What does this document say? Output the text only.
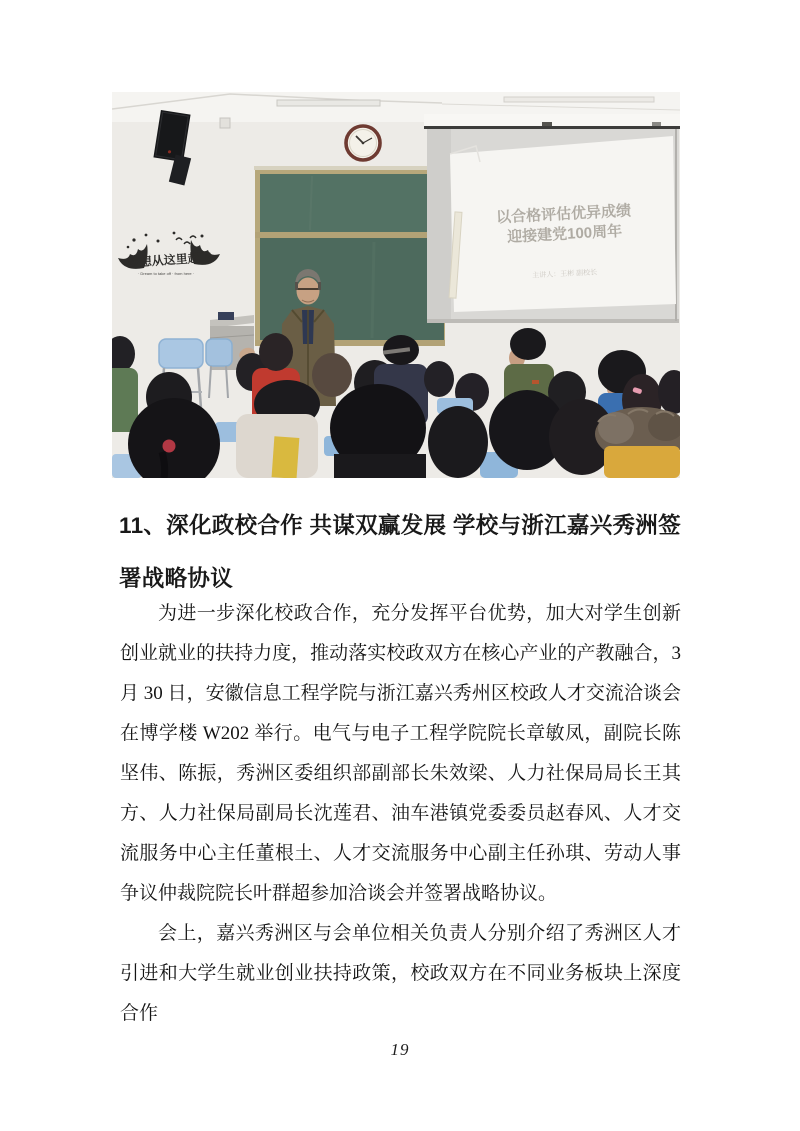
梦想从这里起飞
· Dream to take off · from here ·
以合格评估优异成绩
迎接建党100周年
主讲人：王彬 副校长
11、深化政校合作 共谋双赢发展 学校与浙江嘉兴秀洲签署战略协议

为进一步深化校政合作，充分发挥平台优势，加大对学生创新创业就业的扶持力度，推动落实校政双方在核心产业的产教融合，3 月 30 日，安徽信息工程学院与浙江嘉兴秀州区校政人才交流洽谈会在博学楼 W202 举行。电气与电子工程学院院长章敏凤，副院长陈坚伟、陈振，秀洲区委组织部副部长朱效梁、人力社保局局长王其方、人力社保局副局长沈莲君、油车港镇党委委员赵春风、人才交流服务中心主任董根土、人才交流服务中心副主任孙琪、劳动人事争议仲裁院院长叶群超参加洽谈会并签署战略协议。

会上，嘉兴秀洲区与会单位相关负责人分别介绍了秀洲区人才引进和大学生就业创业扶持政策，校政双方在不同业务板块上深度合作

19
